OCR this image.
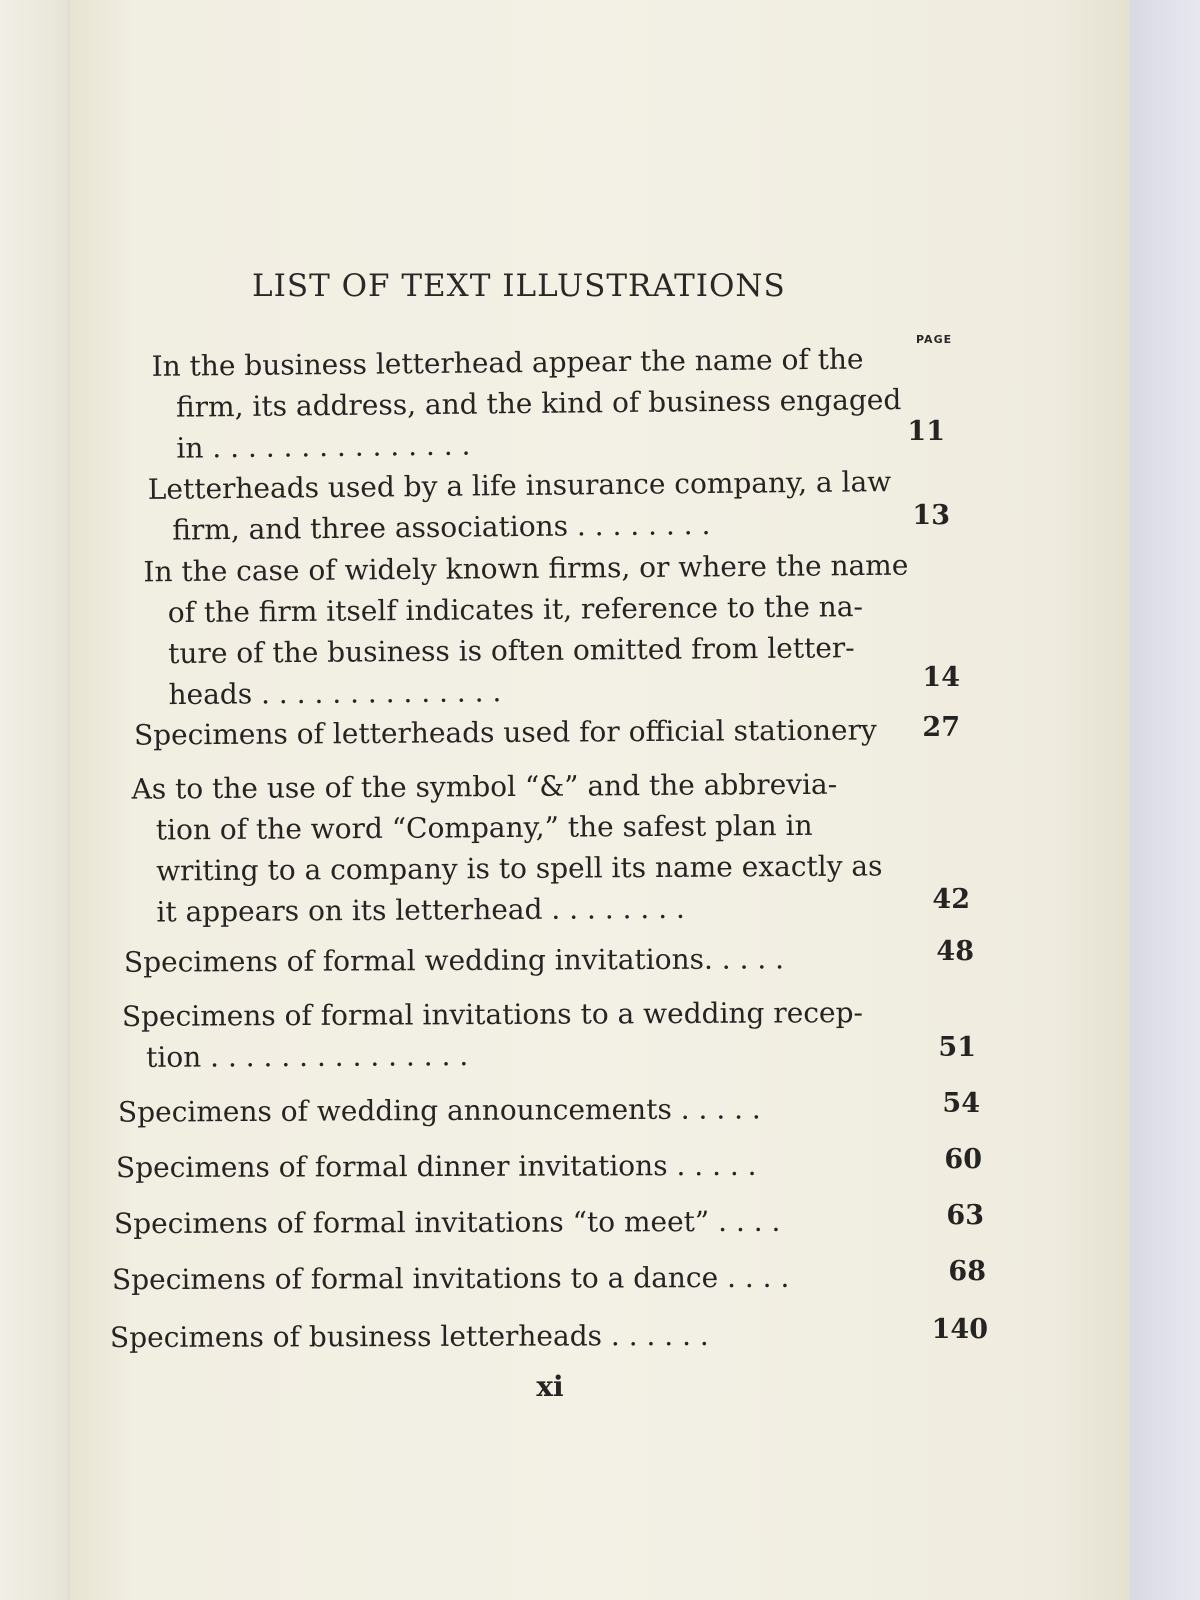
LIST OF TEXT ILLUSTRATIONS
PAGE
In the business letterhead appear the name of the
firm, its address, and the kind of business engaged
in . . . . . . . . . . . . . . .	11
Letterheads used by a life insurance company, a law
firm, and three associations . . . . . . . .	13
In the case of widely known firms, or where the name
of the firm itself indicates it, reference to the na-
ture of the business is often omitted from letter-
heads . . . . . . . . . . . . . .	14
Specimens of letterheads used for official stationery	27
As to the use of the symbol “&” and the abbrevia-
tion of the word “Company,” the safest plan in
writing to a company is to spell its name exactly as
it appears on its letterhead . . . . . . . .	42
Specimens of formal wedding invitations. . . . .	48
Specimens of formal invitations to a wedding recep-
tion . . . . . . . . . . . . . . .	51
Specimens of wedding announcements . . . . .	54
Specimens of formal dinner invitations . . . . .	60
Specimens of formal invitations “to meet” . . . .	63
Specimens of formal invitations to a dance . . . .	68
Specimens of business letterheads . . . . . .	140
xi
